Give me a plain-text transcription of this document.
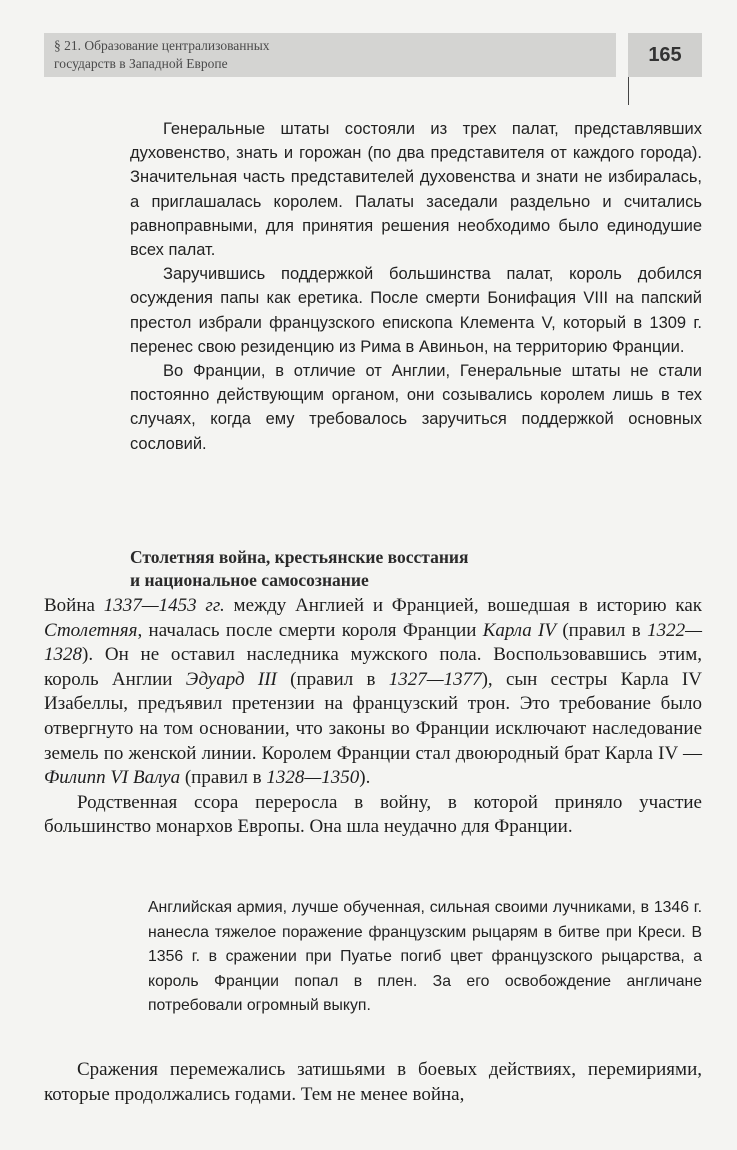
§ 21. Образование централизованных
государств в Западной Европе	165

Генеральные штаты состояли из трех палат, представлявших духовенство, знать и горожан (по два представителя от каждого города). Значительная часть представителей духовенства и знати не избиралась, а приглашалась королем. Палаты заседали раздельно и считались равноправными, для принятия решения необходимо было единодушие всех палат.

Заручившись поддержкой большинства палат, король добился осуждения папы как еретика. После смерти Бонифация VIII на папский престол избрали французского епископа Клемента V, который в 1309 г. перенес свою резиденцию из Рима в Авиньон, на территорию Франции.

Во Франции, в отличие от Англии, Генеральные штаты не стали постоянно действующим органом, они созывались королем лишь в тех случаях, когда ему требовалось заручиться поддержкой основных сословий.

Столетняя война, крестьянские восстания
и национальное самосознание

Война 1337—1453 гг. между Англией и Францией, вошедшая в историю как Столетняя, началась после смерти короля Франции Карла IV (правил в 1322—1328). Он не оставил наследника мужского пола. Воспользовавшись этим, король Англии Эдуард III (правил в 1327—1377), сын сестры Карла IV Изабеллы, предъявил претензии на французский трон. Это требование было отвергнуто на том основании, что законы во Франции исключают наследование земель по женской линии. Королем Франции стал двоюродный брат Карла IV — Филипп VI Валуа (правил в 1328—1350).

Родственная ссора переросла в войну, в которой приняло участие большинство монархов Европы. Она шла неудачно для Франции.

Английская армия, лучше обученная, сильная своими лучниками, в 1346 г. нанесла тяжелое поражение французским рыцарям в битве при Креси. В 1356 г. в сражении при Пуатье погиб цвет французского рыцарства, а король Франции попал в плен. За его освобождение англичане потребовали огромный выкуп.

Сражения перемежались затишьями в боевых действиях, перемириями, которые продолжались годами. Тем не менее война,
